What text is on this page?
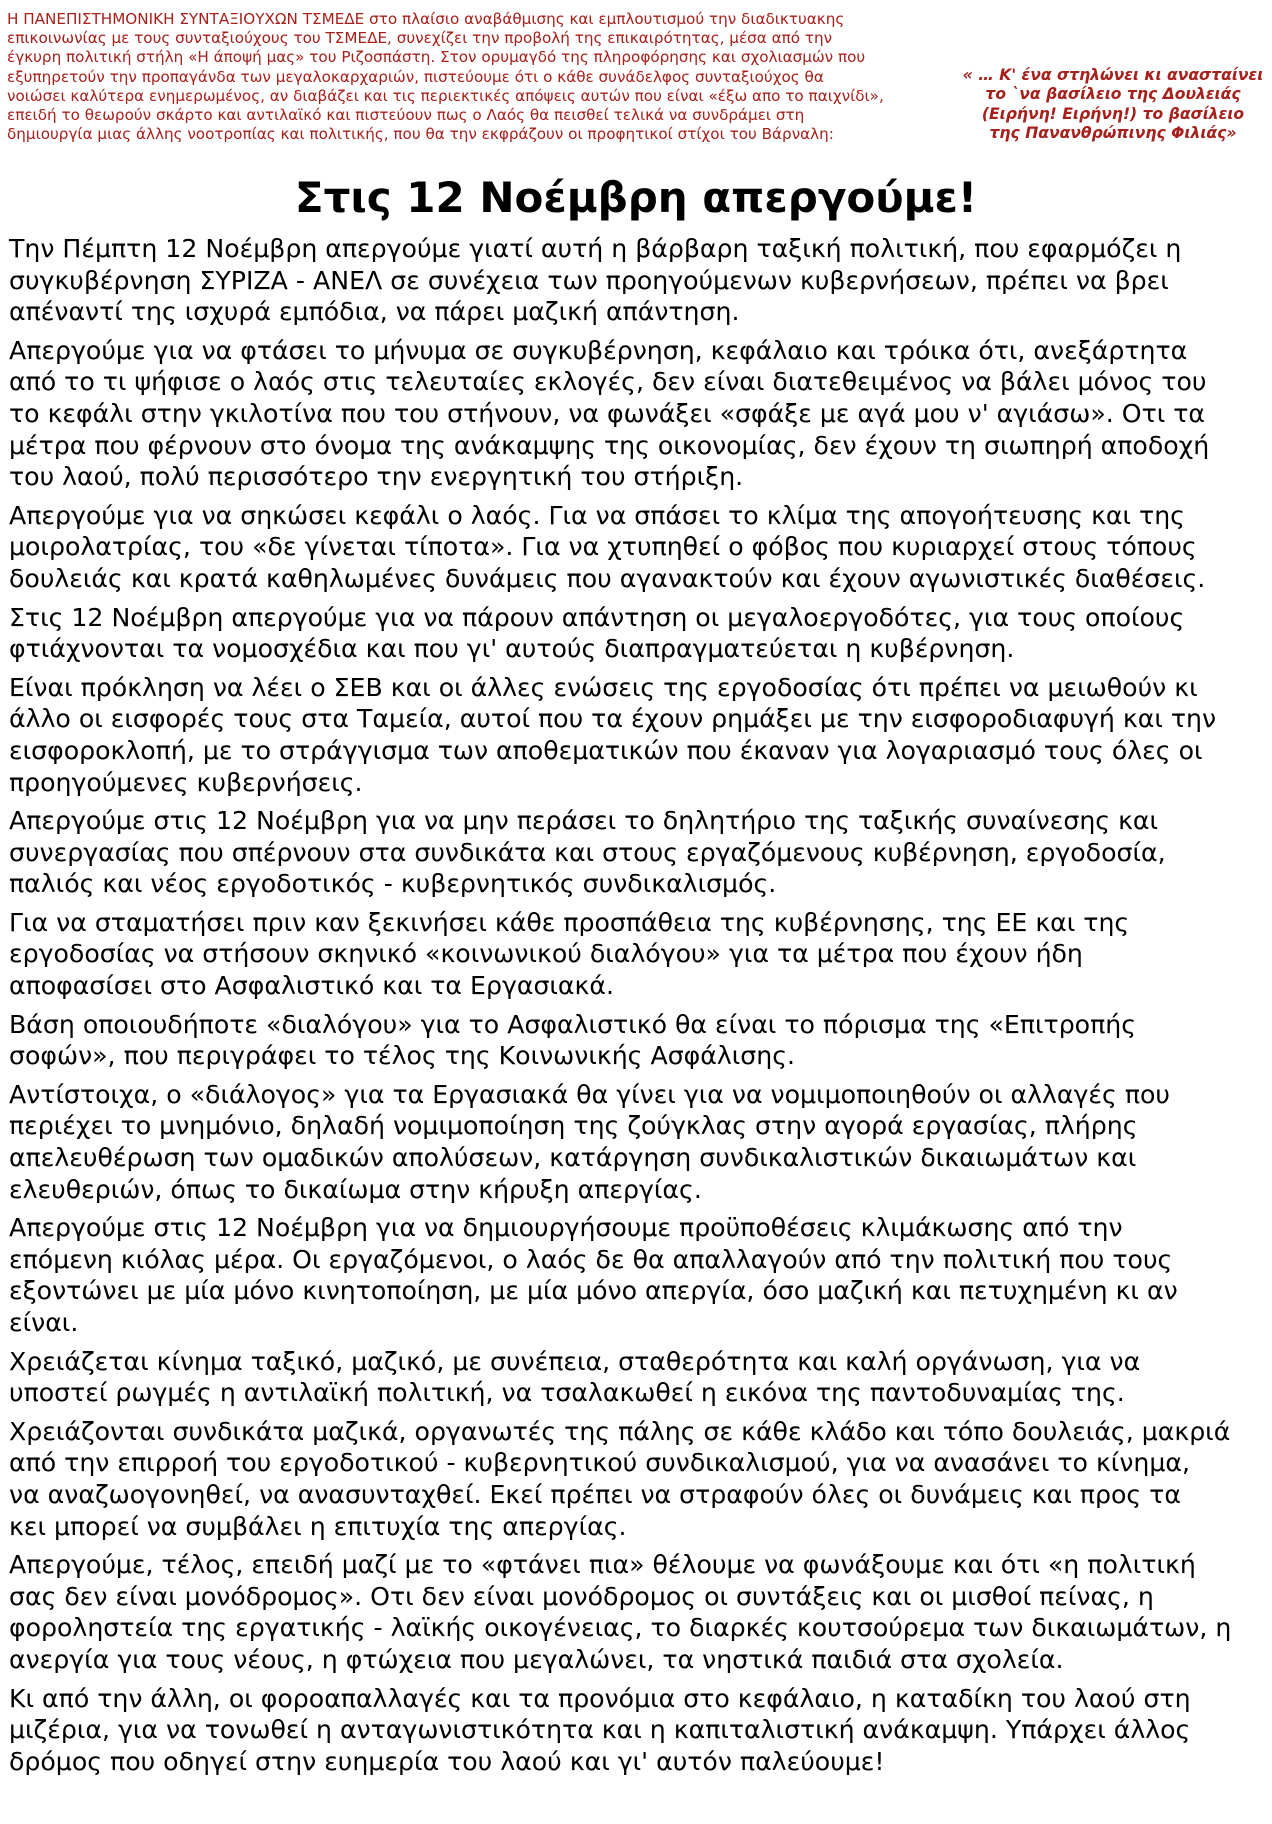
Η ΠΑΝΕΠΙΣΤΗΜΟΝΙΚΗ ΣΥΝΤΑΞΙΟΥΧΩΝ ΤΣΜΕΔΕ στο πλαίσιο αναβάθμισης και εμπλουτισμού την διαδικτυακης επικοινωνίας με τους συνταξιούχους του ΤΣΜΕΔΕ, συνεχίζει την προβολή της επικαιρότητας, μέσα από την έγκυρη πολιτική στήλη «Η άποψή μας» του Ριζοσπάστη. Στον ορυμαγδό της πληροφόρησης και σχολιασμών που εξυπηρετούν την προπαγάνδα των μεγαλοκαρχαριών, πιστεύουμε ότι ο κάθε συνάδελφος συνταξιούχος θα νοιώσει καλύτερα ενημερωμένος, αν διαβάζει και τις περιεκτικές απόψεις αυτών που είναι «έξω απο το παιχνίδι», επειδή το θεωρούν σκάρτο και αντιλαϊκό και πιστεύουν πως ο Λαός θα πεισθεί τελικά να συνδράμει στη δημιουργία μιας άλλης νοοτροπίας και πολιτικής, που θα την εκφράζουν οι προφητικοί στίχοι του Βάρναλη:
« … Κ' ένα στηλώνει κι ανασταίνει
το `να βασίλειο της Δουλειάς
(Ειρήνη! Ειρήνη!) το βασίλειο
της Πανανθρώπινης Φιλιάς»
Στις 12 Νοέμβρη απεργούμε!

Την Πέμπτη 12 Νοέμβρη απεργούμε γιατί αυτή η βάρβαρη ταξική πολιτική, που εφαρμόζει η
συγκυβέρνηση ΣΥΡΙΖΑ - ΑΝΕΛ σε συνέχεια των προηγούμενων κυβερνήσεων, πρέπει να βρει
απέναντί της ισχυρά εμπόδια, να πάρει μαζική απάντηση.

Απεργούμε για να φτάσει το μήνυμα σε συγκυβέρνηση, κεφάλαιο και τρόικα ότι, ανεξάρτητα
από το τι ψήφισε ο λαός στις τελευταίες εκλογές, δεν είναι διατεθειμένος να βάλει μόνος του
το κεφάλι στην γκιλοτίνα που του στήνουν, να φωνάξει «σφάξε με αγά μου ν' αγιάσω». Οτι τα
μέτρα που φέρνουν στο όνομα της ανάκαμψης της οικονομίας, δεν έχουν τη σιωπηρή αποδοχή
του λαού, πολύ περισσότερο την ενεργητική του στήριξη.

Απεργούμε για να σηκώσει κεφάλι ο λαός. Για να σπάσει το κλίμα της απογοήτευσης και της
μοιρολατρίας, του «δε γίνεται τίποτα». Για να χτυπηθεί ο φόβος που κυριαρχεί στους τόπους
δουλειάς και κρατά καθηλωμένες δυνάμεις που αγανακτούν και έχουν αγωνιστικές διαθέσεις.

Στις 12 Νοέμβρη απεργούμε για να πάρουν απάντηση οι μεγαλοεργοδότες, για τους οποίους
φτιάχνονται τα νομοσχέδια και που γι' αυτούς διαπραγματεύεται η κυβέρνηση.

Είναι πρόκληση να λέει ο ΣΕΒ και οι άλλες ενώσεις της εργοδοσίας ότι πρέπει να μειωθούν κι
άλλο οι εισφορές τους στα Ταμεία, αυτοί που τα έχουν ρημάξει με την εισφοροδιαφυγή και την
εισφοροκλοπή, με το στράγγισμα των αποθεματικών που έκαναν για λογαριασμό τους όλες οι
προηγούμενες κυβερνήσεις.

Απεργούμε στις 12 Νοέμβρη για να μην περάσει το δηλητήριο της ταξικής συναίνεσης και
συνεργασίας που σπέρνουν στα συνδικάτα και στους εργαζόμενους κυβέρνηση, εργοδοσία,
παλιός και νέος εργοδοτικός - κυβερνητικός συνδικαλισμός.

Για να σταματήσει πριν καν ξεκινήσει κάθε προσπάθεια της κυβέρνησης, της ΕΕ και της
εργοδοσίας να στήσουν σκηνικό «κοινωνικού διαλόγου» για τα μέτρα που έχουν ήδη
αποφασίσει στο Ασφαλιστικό και τα Εργασιακά.

Βάση οποιουδήποτε «διαλόγου» για το Ασφαλιστικό θα είναι το πόρισμα της «Επιτροπής
σοφών», που περιγράφει το τέλος της Κοινωνικής Ασφάλισης.

Αντίστοιχα, ο «διάλογος» για τα Εργασιακά θα γίνει για να νομιμοποιηθούν οι αλλαγές που
περιέχει το μνημόνιο, δηλαδή νομιμοποίηση της ζούγκλας στην αγορά εργασίας, πλήρης
απελευθέρωση των ομαδικών απολύσεων, κατάργηση συνδικαλιστικών δικαιωμάτων και
ελευθεριών, όπως το δικαίωμα στην κήρυξη απεργίας.

Απεργούμε στις 12 Νοέμβρη για να δημιουργήσουμε προϋποθέσεις κλιμάκωσης από την
επόμενη κιόλας μέρα. Οι εργαζόμενοι, ο λαός δε θα απαλλαγούν από την πολιτική που τους
εξοντώνει με μία μόνο κινητοποίηση, με μία μόνο απεργία, όσο μαζική και πετυχημένη κι αν
είναι.

Χρειάζεται κίνημα ταξικό, μαζικό, με συνέπεια, σταθερότητα και καλή οργάνωση, για να
υποστεί ρωγμές η αντιλαϊκή πολιτική, να τσαλακωθεί η εικόνα της παντοδυναμίας της.

Χρειάζονται συνδικάτα μαζικά, οργανωτές της πάλης σε κάθε κλάδο και τόπο δουλειάς, μακριά
από την επιρροή του εργοδοτικού - κυβερνητικού συνδικαλισμού, για να ανασάνει το κίνημα,
να αναζωογονηθεί, να ανασυνταχθεί. Εκεί πρέπει να στραφούν όλες οι δυνάμεις και προς τα
κει μπορεί να συμβάλει η επιτυχία της απεργίας.

Απεργούμε, τέλος, επειδή μαζί με το «φτάνει πια» θέλουμε να φωνάξουμε και ότι «η πολιτική
σας δεν είναι μονόδρομος». Οτι δεν είναι μονόδρομος οι συντάξεις και οι μισθοί πείνας, η
φοροληστεία της εργατικής - λαϊκής οικογένειας, το διαρκές κουτσούρεμα των δικαιωμάτων, η
ανεργία για τους νέους, η φτώχεια που μεγαλώνει, τα νηστικά παιδιά στα σχολεία.

Κι από την άλλη, οι φοροαπαλλαγές και τα προνόμια στο κεφάλαιο, η καταδίκη του λαού στη
μιζέρια, για να τονωθεί η ανταγωνιστικότητα και η καπιταλιστική ανάκαμψη. Υπάρχει άλλος
δρόμος που οδηγεί στην ευημερία του λαού και γι' αυτόν παλεύουμε!
